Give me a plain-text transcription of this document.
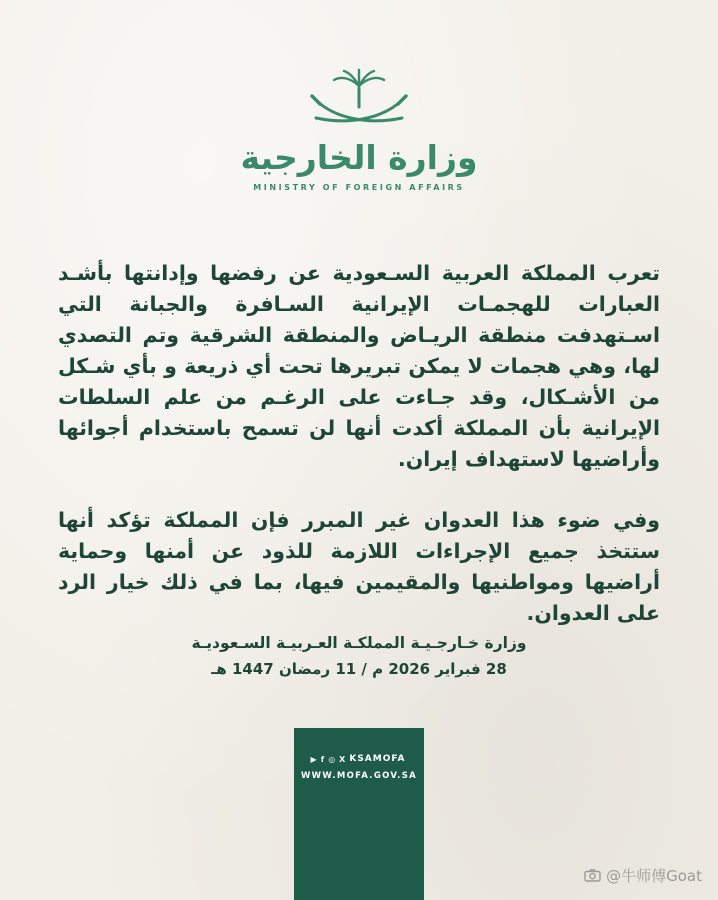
وزارة الخارجية
MINISTRY OF FOREIGN AFFAIRS

تعرب المملكة العربية السـعودية عن رفضها وإدانتها بأشـد العبارات للهجمـات الإيرانية السـافرة والجبانة التي اسـتهدفت منطقة الريـاض والمنطقة الشرقية وتم التصدي لها، وهي هجمات لا يمكن تبريرها تحت أي ذريعة و بأي شـكل من الأشـكال، وقد جـاءت على الرغـم من علم السلطات الإيرانية بأن المملكة أكدت أنها لن تسمح باستخدام أجوائها وأراضيها لاستهداف إيران.

وفي ضوء هذا العدوان غير المبرر فإن المملكة تؤكد أنها ستتخذ جميع الإجراءات اللازمة للذود عن أمنها وحماية أراضيها ومواطنيها والمقيمين فيها، بما في ذلك خيار الرد على العدوان.

وزارة خـارجـيـة المملكـة العـربيـة السـعوديـة
28 فبراير 2026 م / 11 رمضان 1447 هـ
▶ f ◎ X KSAMOFA
WWW.MOFA.GOV.SA
@牛师傅Goat
